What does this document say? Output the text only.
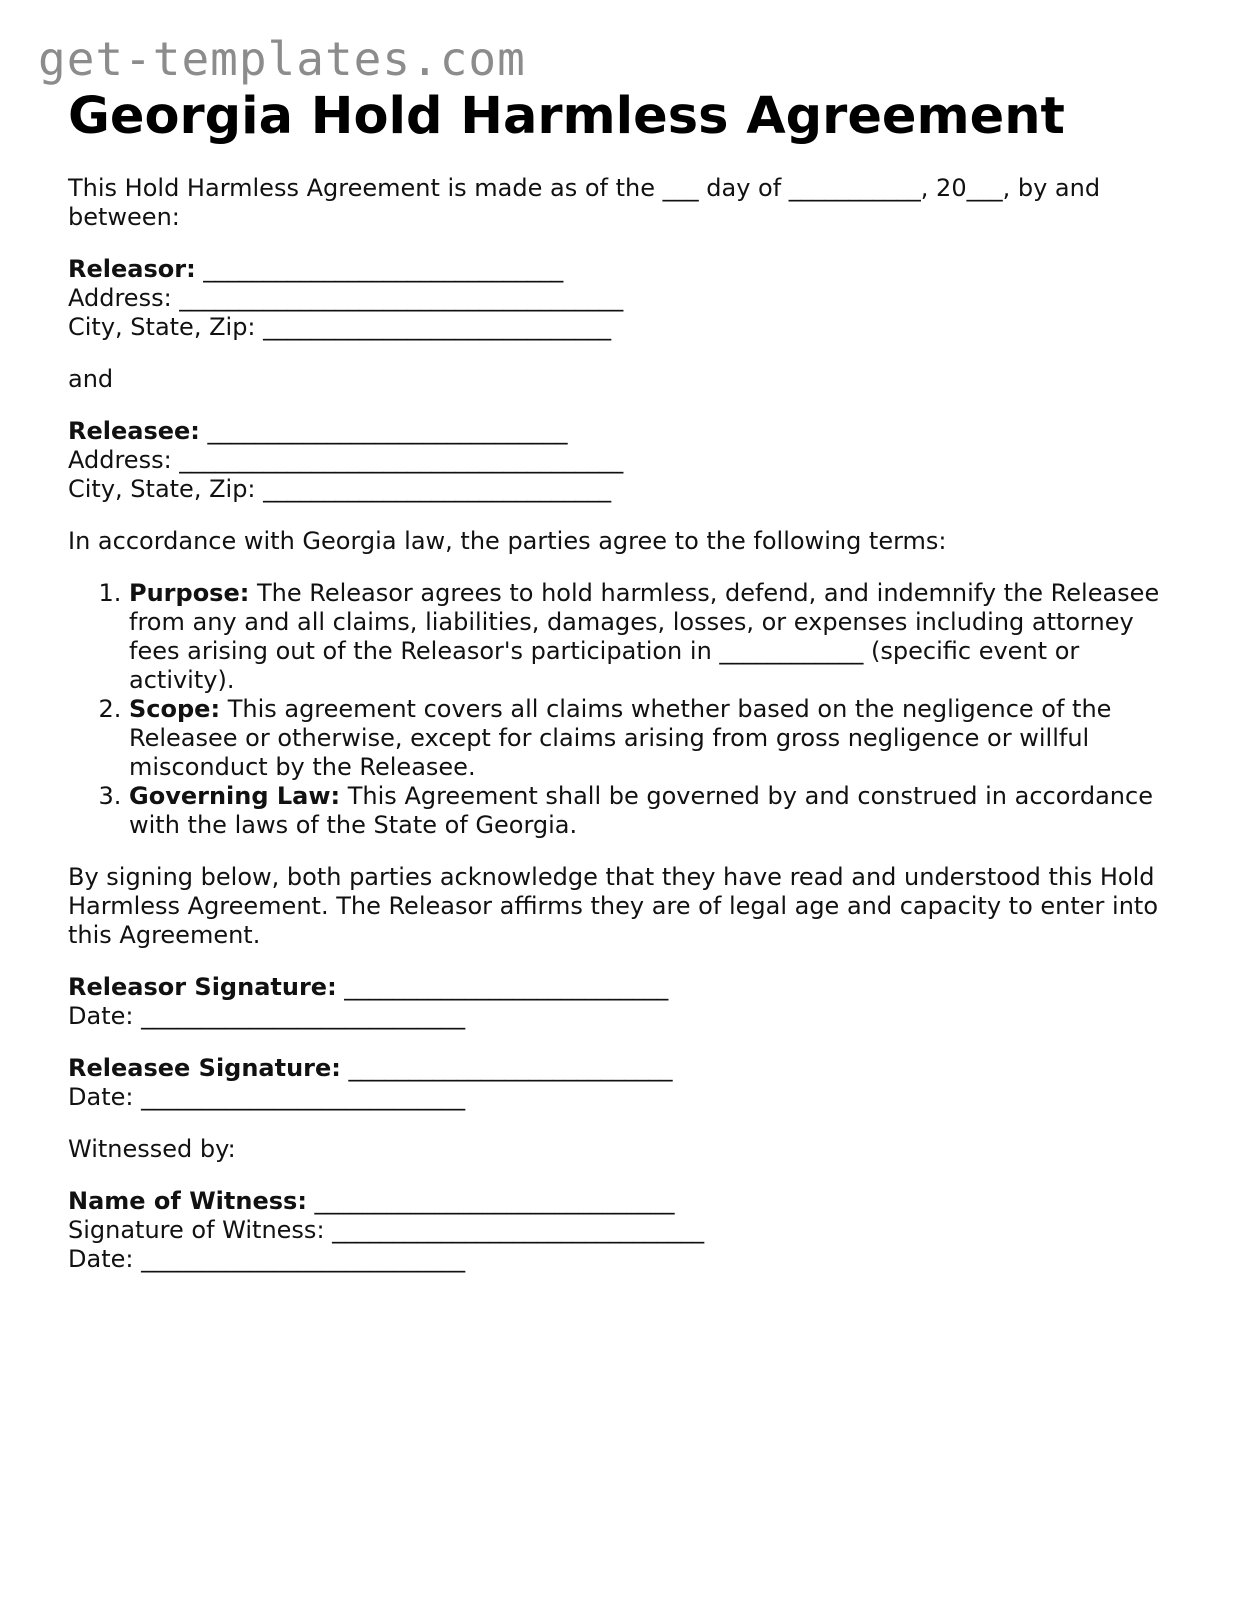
get-templates.com
Georgia Hold Harmless Agreement

This Hold Harmless Agreement is made as of the ___ day of ___________, 20___, by and between:

Releasor: ______________________________
Address: _____________________________________
City, State, Zip: _____________________________

and

Releasee: ______________________________
Address: _____________________________________
City, State, Zip: _____________________________

In accordance with Georgia law, the parties agree to the following terms:

1. Purpose: The Releasor agrees to hold harmless, defend, and indemnify the Releasee from any and all claims, liabilities, damages, losses, or expenses including attorney fees arising out of the Releasor's participation in ____________ (specific event or activity).
2. Scope: This agreement covers all claims whether based on the negligence of the Releasee or otherwise, except for claims arising from gross negligence or willful misconduct by the Releasee.
3. Governing Law: This Agreement shall be governed by and construed in accordance with the laws of the State of Georgia.

By signing below, both parties acknowledge that they have read and understood this Hold Harmless Agreement. The Releasor affirms they are of legal age and capacity to enter into this Agreement.

Releasor Signature: ___________________________
Date: ___________________________
Releasee Signature: ___________________________
Date: ___________________________

Witnessed by:

Name of Witness: ______________________________
Signature of Witness: _______________________________
Date: ___________________________
